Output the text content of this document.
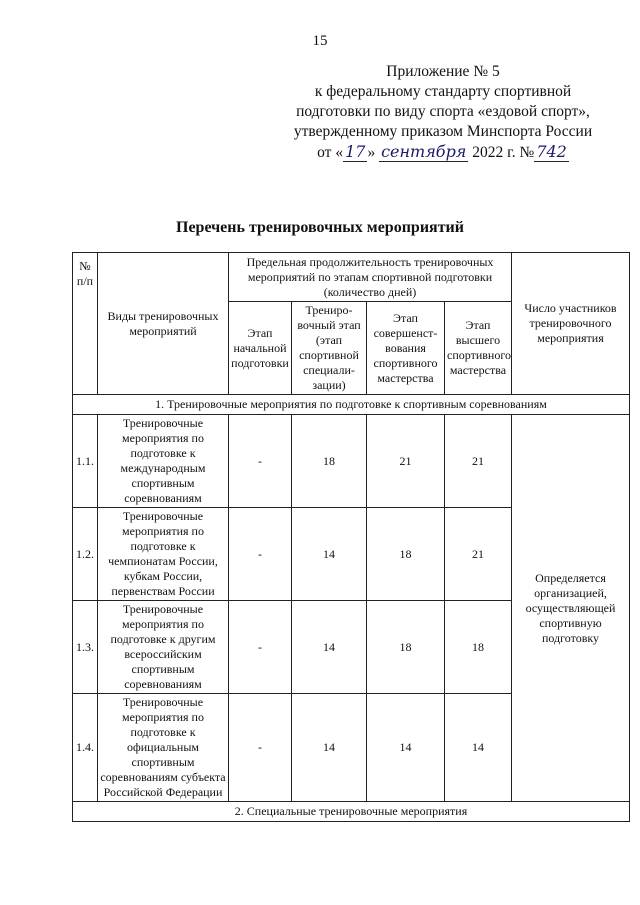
15
Приложение № 5
к федеральному стандарту спортивной
подготовки по виду спорта «ездовой спорт»,
утвержденному приказом Минспорта России
от « 17 » сентября 2022 г. № 742
Перечень тренировочных мероприятий
№ п/п	Виды тренировочных мероприятий	Предельная продолжительность тренировочных мероприятий по этапам спортивной подготовки (количество дней)				Число участников тренировочного мероприятия
		Этап начальной подготовки	Трениро-вочный этап (этап спортивной специали-зации)	Этап совершенст-вования спортивного мастерства	Этап высшего спортивного мастерства	
1. Тренировочные мероприятия по подготовке к спортивным соревнованиям						
1.1.	Тренировочные мероприятия по подготовке к международным спортивным соревнованиям	-	18	21	21	Определяется организацией, осуществляющей спортивную подготовку
1.2.	Тренировочные мероприятия по подготовке к чемпионатам России, кубкам России, первенствам России	-	14	18	21	
1.3.	Тренировочные мероприятия по подготовке к другим всероссийским спортивным соревнованиям	-	14	18	18	
1.4.	Тренировочные мероприятия по подготовке к официальным спортивным соревнованиям субъекта Российской Федерации	-	14	14	14	
2. Специальные тренировочные мероприятия						
